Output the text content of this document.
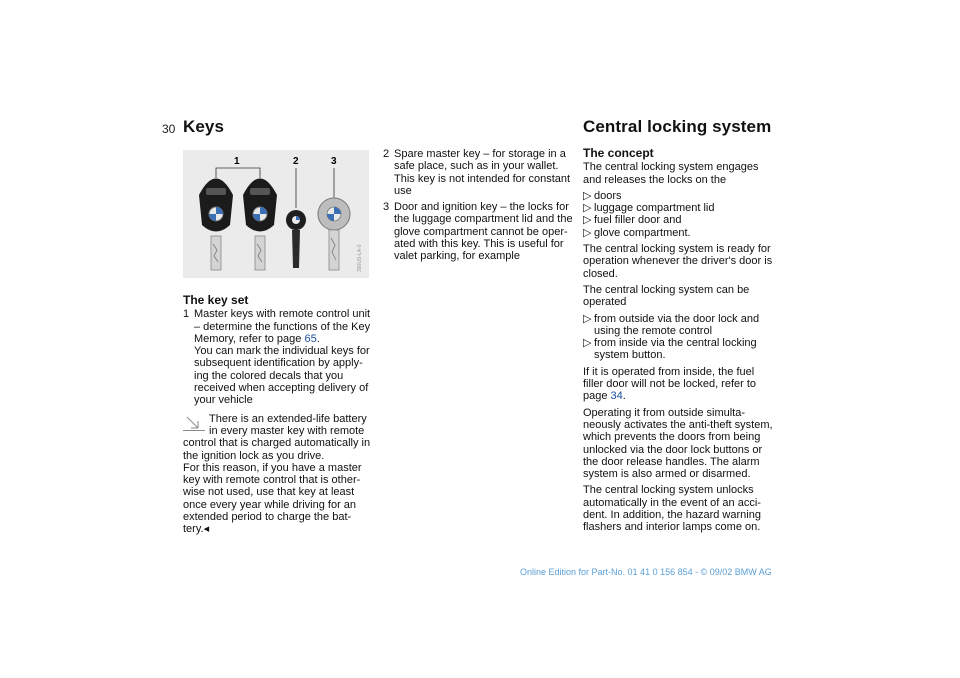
30 Keys	Central locking system
1	2	3
390US-LA-0
The key set
1 Master keys with remote control unit
– determine the functions of the Key
Memory, refer to page 65.
You can mark the individual keys for
subsequent identification by apply-
ing the colored decals that you
received when accepting delivery of
your vehicle
There is an extended-life battery
in every master key with remote
control that is charged automatically in
the ignition lock as you drive.
For this reason, if you have a master
key with remote control that is other-
wise not used, use that key at least
once every year while driving for an
extended period to charge the bat-
tery.◂
2 Spare master key – for storage in a
safe place, such as in your wallet.
This key is not intended for constant
use
3 Door and ignition key – the locks for
the luggage compartment lid and the
glove compartment cannot be oper-
ated with this key. This is useful for
valet parking, for example
The concept

The central locking system engages
and releases the locks on the

▷ doors
▷ luggage compartment lid
▷ fuel filler door and
▷ glove compartment.

The central locking system is ready for
operation whenever the driver's door is
closed.

The central locking system can be
operated

▷ from outside via the door lock and
using the remote control
▷ from inside via the central locking
system button.

If it is operated from inside, the fuel
filler door will not be locked, refer to
page 34.

Operating it from outside simulta-
neously activates the anti-theft system,
which prevents the doors from being
unlocked via the door lock buttons or
the door release handles. The alarm
system is also armed or disarmed.

The central locking system unlocks
automatically in the event of an acci-
dent. In addition, the hazard warning
flashers and interior lamps come on.

Online Edition for Part-No. 01 41 0 156 854 - © 09/02 BMW AG
